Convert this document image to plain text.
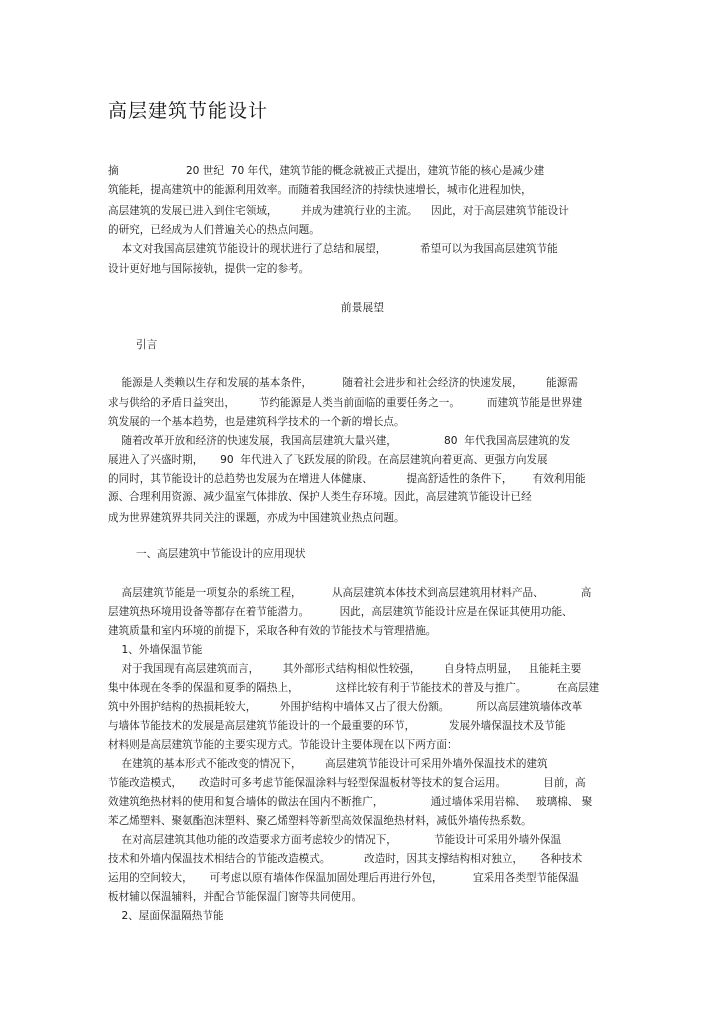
高层建筑节能设计
摘                    20 世纪  70 年代，建筑节能的概念就被正式提出，建筑节能的核心是减少建
筑能耗，提高建筑中的能源利用效率。而随着我国经济的持续快速增长，城市化进程加快，
高层建筑的发展已进入到住宅领域，       并成为建筑行业的主流。    因此，对于高层建筑节能设计
的研究，已经成为人们普遍关心的热点问题。
本文对我国高层建筑节能设计的现状进行了总结和展望，          希望可以为我国高层建筑节能
设计更好地与国际接轨，提供一定的参考。
前景展望
引言
能源是人类赖以生存和发展的基本条件，         随着社会进步和社会经济的快速发展，       能源需
求与供给的矛盾日益突出，       节约能源是人类当前面临的重要任务之一。        而建筑节能是世界建
筑发展的一个基本趋势，也是建筑科学技术的一个新的增长点。
随着改革开放和经济的快速发展，我国高层建筑大量兴建，              80  年代我国高层建筑的发
展进入了兴盛时期，     90  年代进入了飞跃发展的阶段。在高层建筑向着更高、更强方向发展
的同时，其节能设计的总趋势也发展为在增进人体健康、          提高舒适性的条件下，      有效利用能
源、合理利用资源、减少温室气体排放、保护人类生存环境。因此，高层建筑节能设计已经
成为世界建筑界共同关注的课题，亦成为中国建筑业热点问题。
一、高层建筑中节能设计的应用现状
高层建筑节能是一项复杂的系统工程，         从高层建筑本体技术到高层建筑用材料产品、           高
层建筑热环境用设备等都存在着节能潜力。         因此，高层建筑节能设计应是在保证其使用功能、
建筑质量和室内环境的前提下，采取各种有效的节能技术与管理措施。
1、外墙保温节能
对于我国现有高层建筑而言，       其外部形式结构相似性较强，       自身特点明显，   且能耗主要
集中体现在冬季的保温和夏季的隔热上，           这样比较有利于节能技术的普及与推广。         在高层建
筑中外围护结构的热损耗较大，       外围护结构中墙体又占了很大份额。        所以高层建筑墙体改革
与墙体节能技术的发展是高层建筑节能设计的一个最重要的环节，          发展外墙保温技术及节能
材料则是高层建筑节能的主要实现方式。节能设计主要体现在以下两方面：
在建筑的基本形式不能改变的情况下，       高层建筑节能设计可采用外墙外保温技术的建筑
节能改造模式，     改造时可多考虑节能保温涂料与轻型保温板材等技术的复合运用。           目前，高
效建筑绝热材料的使用和复合墙体的做法在国内不断推广，              通过墙体采用岩棉、   玻璃棉、 聚
苯乙烯塑料、聚氨酯泡沫塑料、聚乙烯塑料等新型高效保温绝热材料，减低外墙传热系数。
在对高层建筑其他功能的改造要求方面考虑较少的情况下，           节能设计可采用外墙外保温
技术和外墙内保温技术相结合的节能改造模式。          改造时，因其支撑结构相对独立，     各种技术
运用的空间较大，     可考虑以原有墙体作保温加固处理后再进行外包，         宜采用各类型节能保温
板材辅以保温辅料，并配合节能保温门窗等共同使用。
2、屋面保温隔热节能
